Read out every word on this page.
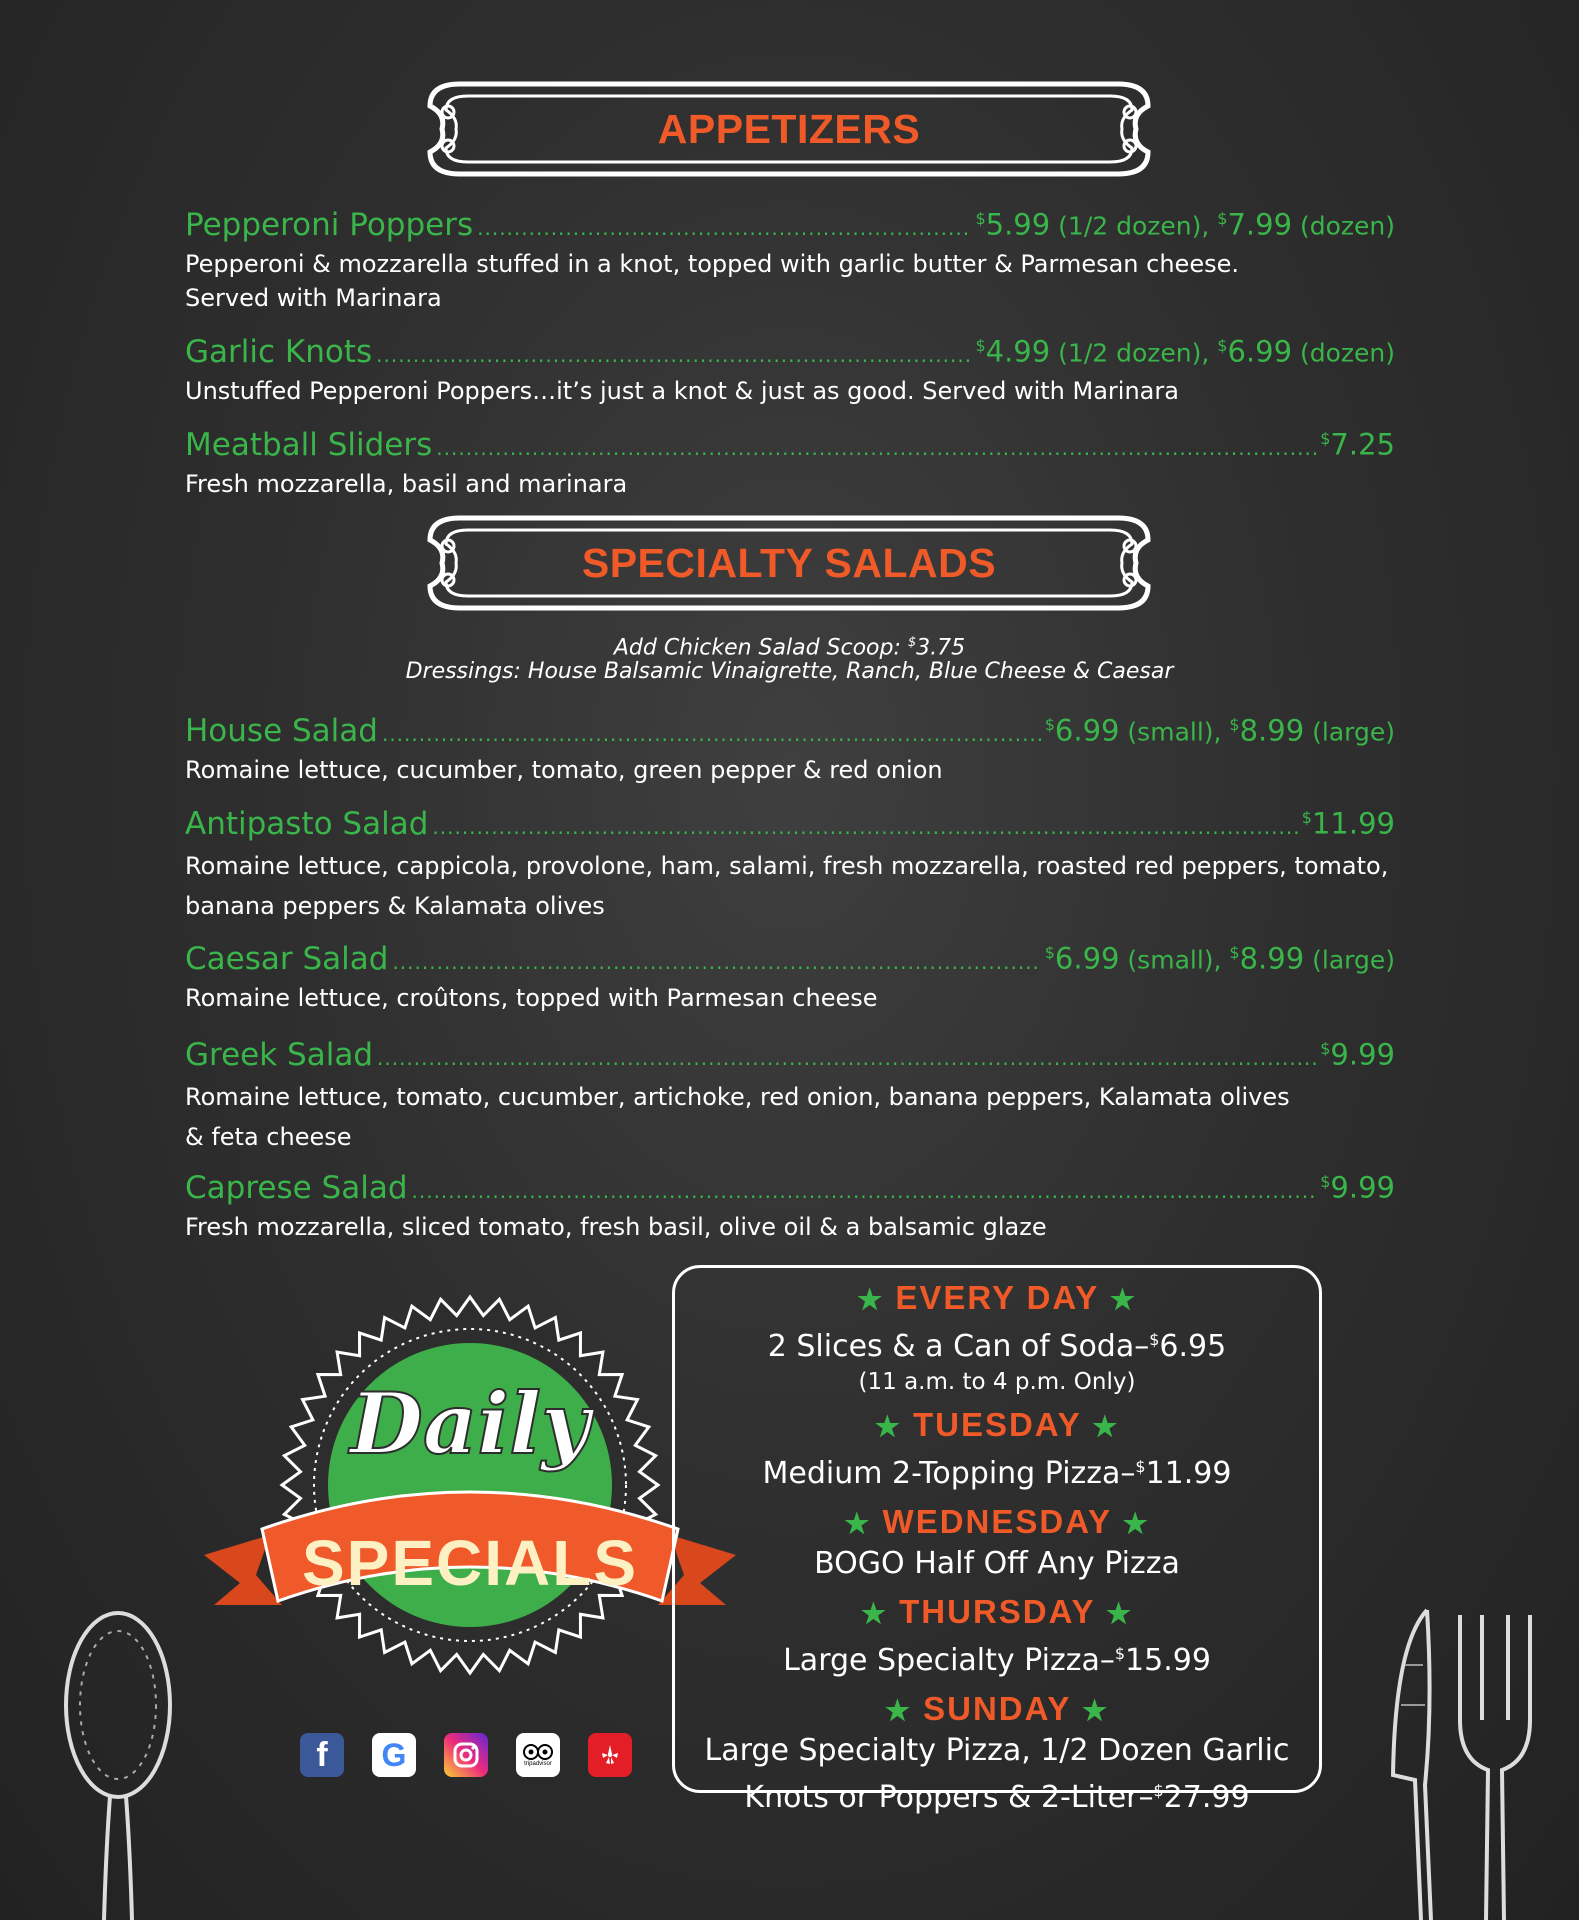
APPETIZERS
Pepperoni Poppers .....	$5.99 (1/2 dozen), $7.99 (dozen)
Pepperoni & mozzarella stuffed in a knot, topped with garlic butter & Parmesan cheese.
Served with Marinara
Garlic Knots .....	$4.99 (1/2 dozen), $6.99 (dozen)
Unstuffed Pepperoni Poppers…it’s just a knot & just as good. Served with Marinara
Meatball Sliders .....	$7.25
Fresh mozzarella, basil and marinara
SPECIALTY SALADS
Add Chicken Salad Scoop: $3.75
Dressings: House Balsamic Vinaigrette, Ranch, Blue Cheese & Caesar
House Salad .....	$6.99 (small), $8.99 (large)
Romaine lettuce, cucumber, tomato, green pepper & red onion
Antipasto Salad .....	$11.99
Romaine lettuce, cappicola, provolone, ham, salami, fresh mozzarella, roasted red peppers, tomato,
banana peppers & Kalamata olives
Caesar Salad .....	$6.99 (small), $8.99 (large)
Romaine lettuce, croûtons, topped with Parmesan cheese
Greek Salad .....	$9.99
Romaine lettuce, tomato, cucumber, artichoke, red onion, banana peppers, Kalamata olives
& feta cheese
Caprese Salad .....	$9.99
Fresh mozzarella, sliced tomato, fresh basil, olive oil & a balsamic glaze
Daily
SPECIALS
f	G	tripadvisor
★ EVERY DAY ★
2 Slices & a Can of Soda–$6.95
(11 a.m. to 4 p.m. Only)
★ TUESDAY ★
Medium 2-Topping Pizza–$11.99
★ WEDNESDAY ★
BOGO Half Off Any Pizza
★ THURSDAY ★
Large Specialty Pizza–$15.99
★ SUNDAY ★
Large Specialty Pizza, 1/2 Dozen Garlic
Knots or Poppers & 2-Liter–$27.99
